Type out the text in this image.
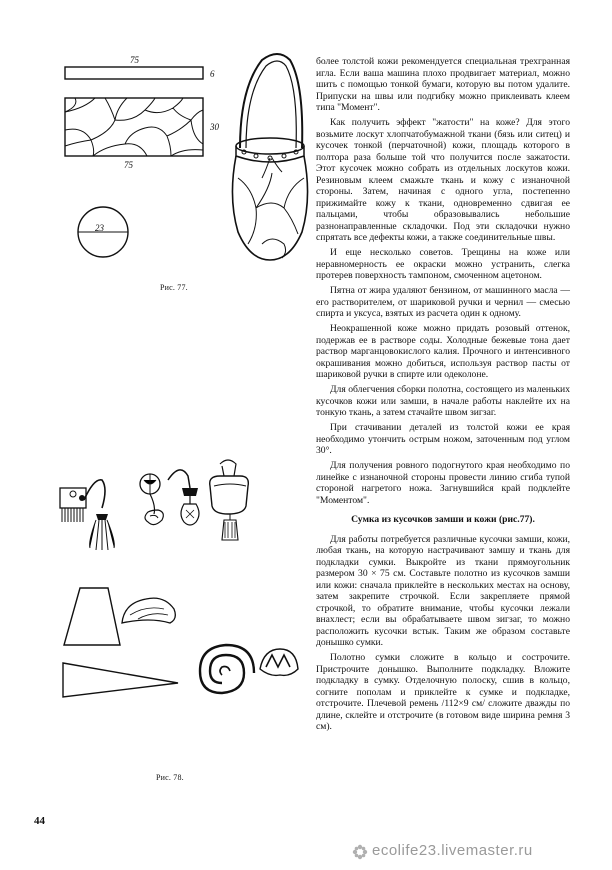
75
6
30
75
23
Рис. 77.
Рис. 78.

более толстой кожи рекомендуется специальная трехгранная игла. Если ваша машина плохо продвигает материал, можно шить с помощью тонкой бумаги, которую вы потом удалите. Припуски на швы или подгибку можно приклеивать клеем типа "Момент".

Как получить эффект "жатости" на коже? Для этого возьмите лоскут хлопчатобумажной ткани (бязь или ситец) и кусочек тонкой (перчаточной) кожи, площадь которого в полтора раза больше той что получится после зажатости. Этот кусочек можно собрать из отдельных лоскутов кожи. Резиновым клеем смажьте ткань и кожу с изнаночной стороны. Затем, начиная с одного угла, постепенно прижимайте кожу к ткани, одновременно сдвигая ее пальцами, чтобы образовывались небольшие разнонаправленные складочки. Под эти складочки нужно спрятать все дефекты кожи, а также соединительные швы.

И еще несколько советов. Трещины на коже или неравномерность ее окраски можно устранить, слегка протерев поверхность тампоном, смоченном ацетоном.

Пятна от жира удаляют бензином, от машинного масла — его растворителем, от шариковой ручки и чернил — смесью спирта и уксуса, взятых из расчета один к одному.

Неокрашенной коже можно придать розовый оттенок, подержав ее в растворе соды. Холодные бежевые тона дает раствор марганцовокислого калия. Прочного и интенсивного окрашивания можно добиться, используя раствор пасты от шариковой ручки в спирте или одеколоне.

Для облегчения сборки полотна, состоящего из маленьких кусочков кожи или замши, в начале работы наклейте их на тонкую ткань, а затем стачайте швом зигзаг.

При стачивании деталей из толстой кожи ее края необходимо утончить острым ножом, заточенным под углом 30°.

Для получения ровного подогнутого края необходимо по линейке с изнаночной стороны провести линию сгиба тупой стороной нагретого ножа. Загнувшийся край подклейте "Моментом".

Сумка из кусочков замши и кожи (рис.77).

Для работы потребуется различные кусочки замши, кожи, любая ткань, на которую настрачивают замшу и ткань для подкладки сумки. Выкройте из ткани прямоугольник размером 30 × 75 см. Составьте полотно из кусочков замши или кожи: сначала приклейте в нескольких местах на основу, затем закрепите строчкой. Если закрепляете прямой строчкой, то обратите внимание, чтобы кусочки лежали внахлест; если вы обрабатываете швом зигзаг, то можно расположить кусочки встык. Таким же образом составьте донышко сумки.

Полотно сумки сложите в кольцо и сострочите. Пристрочите донышко. Выполните подкладку. Вложите подкладку в сумку. Отделочную полоску, сшив в кольцо, согните пополам и приклейте к сумке и подкладке, отстрочите. Плечевой ремень /112×9 см/ сложите дважды по длине, склейте и отстрочите (в готовом виде ширина ремня 3 см).

44
ecolife23.livemaster.ru
